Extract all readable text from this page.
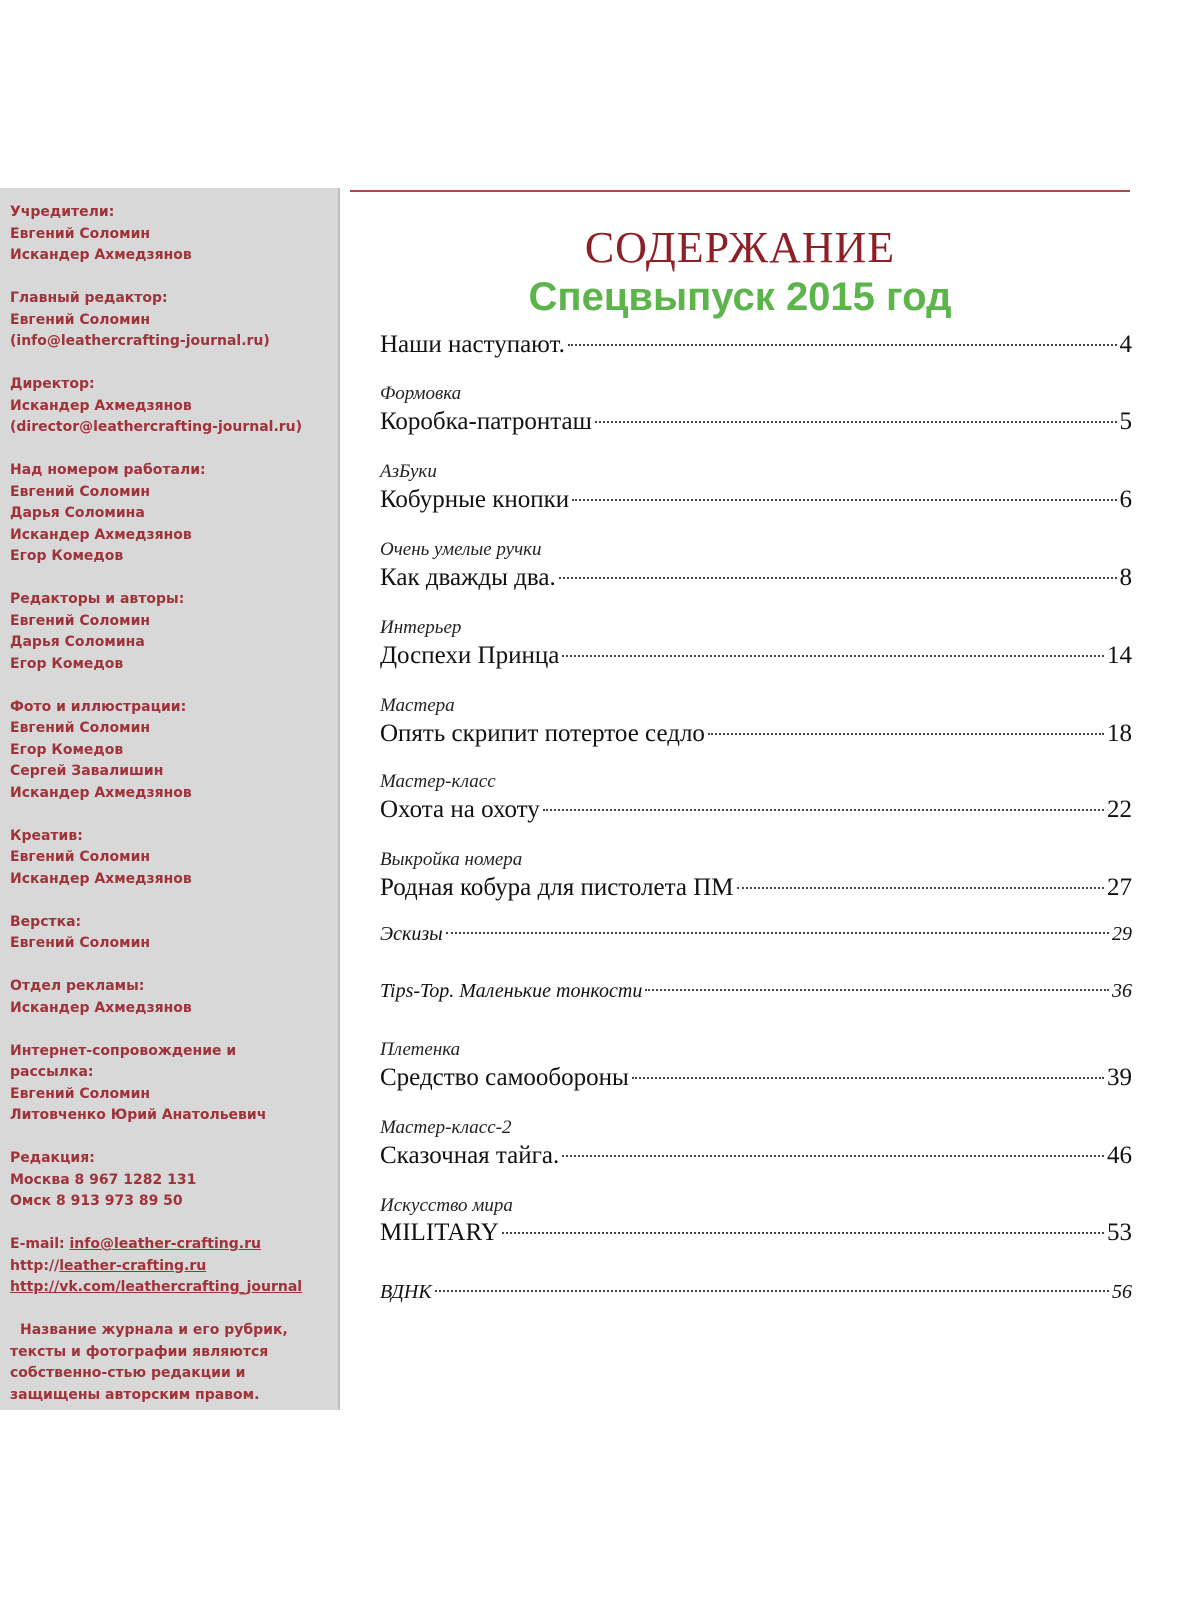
Учредители:
Евгений Соломин
Искандер Ахмедзянов
Главный редактор:
Евгений Соломин
(info@leathercrafting-journal.ru)
Директор:
Искандер Ахмедзянов
(director@leathercrafting-journal.ru)
Над номером работали:
Евгений Соломин
Дарья Соломина
Искандер Ахмедзянов
Егор Комедов
Редакторы и авторы:
Евгений Соломин
Дарья Соломина
Егор Комедов
Фото и иллюстрации:
Евгений Соломин
Егор Комедов
Сергей Завалишин
Искандер Ахмедзянов
Креатив:
Евгений Соломин
Искандер Ахмедзянов
Верстка:
Евгений Соломин
Отдел рекламы:
Искандер Ахмедзянов
Интернет-сопровождение и
рассылка:
Евгений Соломин
Литовченко Юрий Анатольевич
Редакция:
Москва 8 967 1282 131
Омск 8 913 973 89 50
E-mail: info@leather-crafting.ru
http://leather-crafting.ru
http://vk.com/leathercrafting_journal
Название журнала и его рубрик, тексты и фотографии являются собственно-стью редакции и защищены авторским правом.
СОДЕРЖАНИЕ
Спецвыпуск 2015 год
Наши наступают.	4
Формовка
Коробка-патронташ	5
АзБуки
Кобурные кнопки	6
Очень умелые ручки
Как дважды два.	8
Интерьер
Доспехи Принца	14
Мастера
Опять скрипит потертое седло	18
Мастер-класс
Охота на охоту	22
Выкройка номера
Родная кобура для пистолета ПМ	27
Эскизы	29
Tips-Top. Маленькие тонкости	36
Плетенка
Средство самообороны	39
Мастер-класс-2
Сказочная тайга.	46
Искусство мира
MILITARY	53
ВДНК	56
